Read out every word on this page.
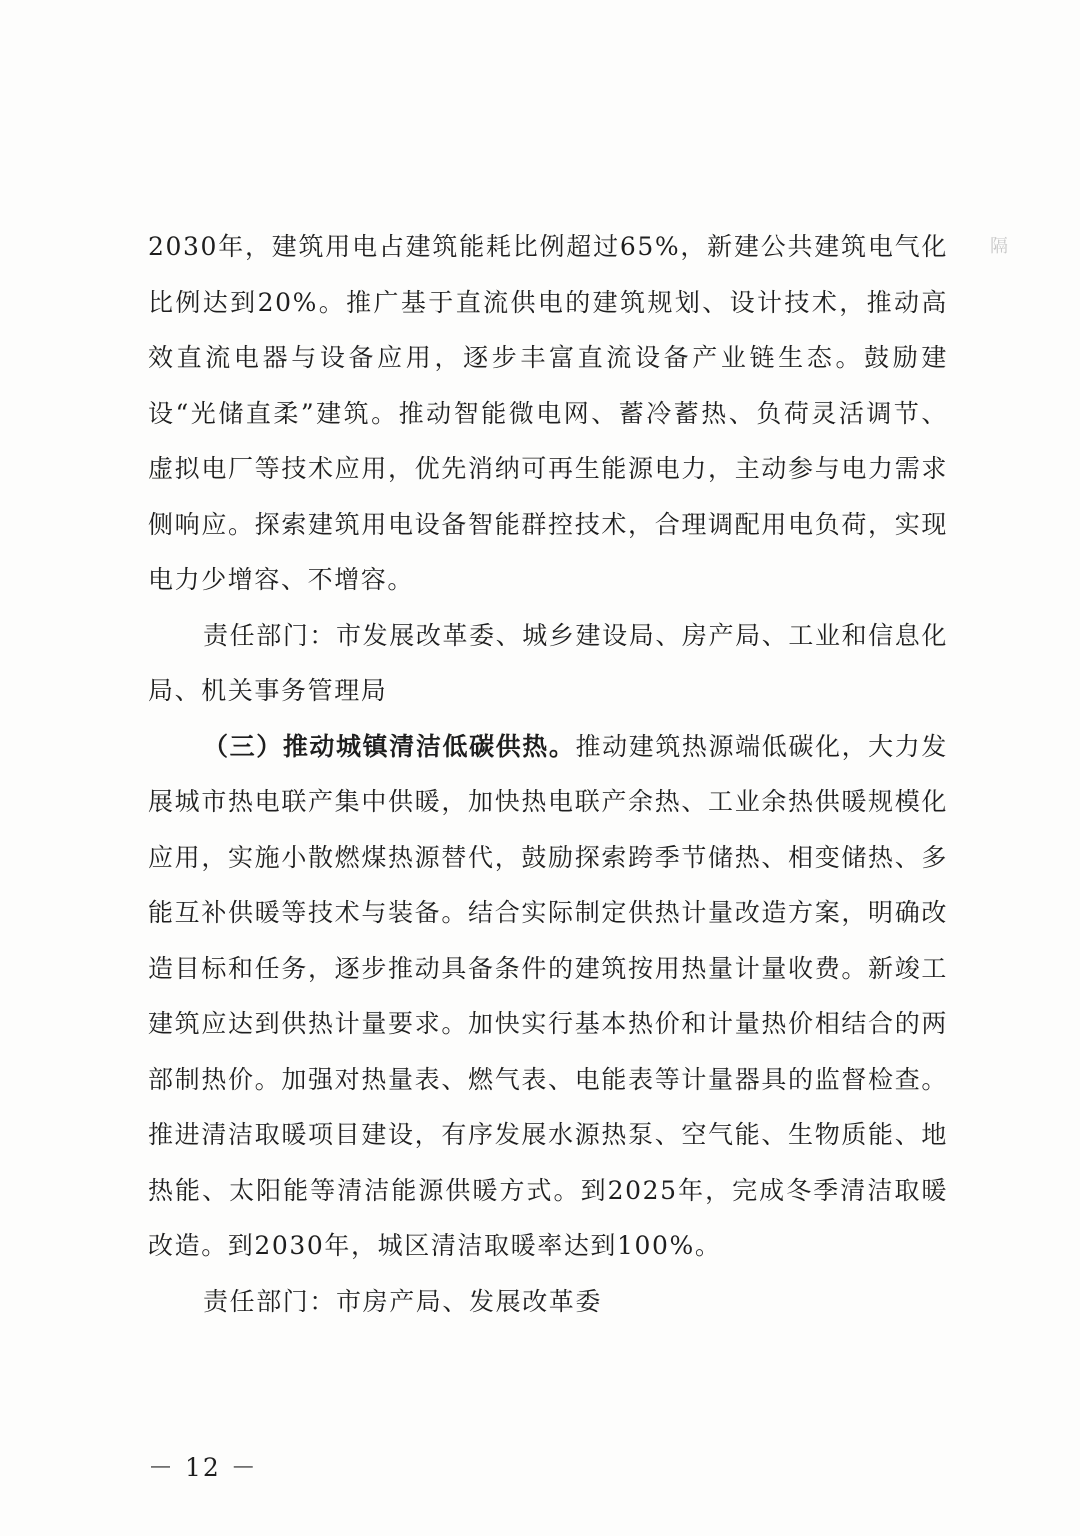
隔

2030年，建筑用电占建筑能耗比例超过65%，新建公共建筑电气化比例达到20%。推广基于直流供电的建筑规划、设计技术，推动高效直流电器与设备应用，逐步丰富直流设备产业链生态。鼓励建设“光储直柔”建筑。推动智能微电网、蓄冷蓄热、负荷灵活调节、虚拟电厂等技术应用，优先消纳可再生能源电力，主动参与电力需求侧响应。探索建筑用电设备智能群控技术，合理调配用电负荷，实现电力少增容、不增容。

责任部门：市发展改革委、城乡建设局、房产局、工业和信息化局、机关事务管理局

（三）推动城镇清洁低碳供热。推动建筑热源端低碳化，大力发展城市热电联产集中供暖，加快热电联产余热、工业余热供暖规模化应用，实施小散燃煤热源替代，鼓励探索跨季节储热、相变储热、多能互补供暖等技术与装备。结合实际制定供热计量改造方案，明确改造目标和任务，逐步推动具备条件的建筑按用热量计量收费。新竣工建筑应达到供热计量要求。加快实行基本热价和计量热价相结合的两部制热价。加强对热量表、燃气表、电能表等计量器具的监督检查。推进清洁取暖项目建设，有序发展水源热泵、空气能、生物质能、地热能、太阳能等清洁能源供暖方式。到2025年，完成冬季清洁取暖改造。到2030年，城区清洁取暖率达到100%。

责任部门：市房产局、发展改革委

－ 12 －
